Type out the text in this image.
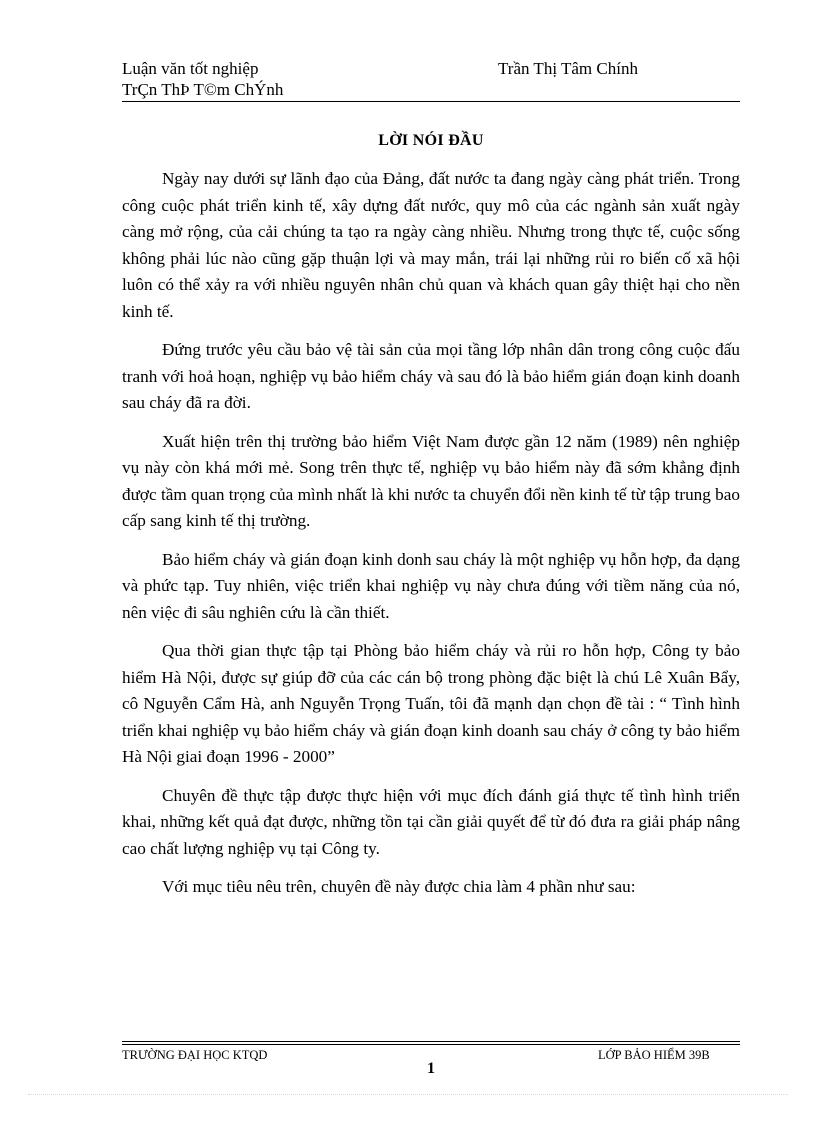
Luận văn tốt nghiệp	Trần Thị Tâm Chính
TrÇn ThÞ T©m ChÝnh
LỜI NÓI ĐẦU

Ngày nay dưới sự lãnh đạo của Đảng, đất nước ta đang ngày càng phát triển. Trong công cuộc phát triển kinh tế, xây dựng đất nước, quy mô của các ngành sản xuất ngày càng mở rộng, của cải chúng ta tạo ra ngày càng nhiều. Nhưng trong thực tế, cuộc sống không phải lúc nào cũng gặp thuận lợi và may mắn, trái lại những rủi ro biến cố xã hội luôn có thể xảy ra với nhiều nguyên nhân chủ quan và khách quan gây thiệt hại cho nền kinh tế.

Đứng trước yêu cầu bảo vệ tài sản của mọi tầng lớp nhân dân trong công cuộc đấu tranh với hoả hoạn, nghiệp vụ bảo hiểm cháy và sau đó là bảo hiểm gián đoạn kinh doanh sau cháy đã ra đời.

Xuất hiện trên thị trường bảo hiểm Việt Nam được gần 12 năm (1989) nên nghiệp vụ này còn khá mới mẻ. Song trên thực tế, nghiệp vụ bảo hiểm này đã sớm khẳng định được tầm quan trọng của mình nhất là khi nước ta chuyển đổi nền kinh tế từ tập trung bao cấp sang kinh tế thị trường.

Bảo hiểm cháy và gián đoạn kinh donh sau cháy là một nghiệp vụ hỗn hợp, đa dạng và phức tạp. Tuy nhiên, việc triển khai nghiệp vụ này chưa đúng với tiềm năng của nó, nên việc đi sâu nghiên cứu là cần thiết.

Qua thời gian thực tập tại Phòng bảo hiểm cháy và rủi ro hỗn hợp, Công ty bảo hiểm Hà Nội, được sự giúp đỡ của các cán bộ trong phòng đặc biệt là chú Lê Xuân Bẩy, cô Nguyễn Cẩm Hà, anh Nguyễn Trọng Tuấn, tôi đã mạnh dạn chọn đề tài : “ Tình hình triển khai nghiệp vụ bảo hiểm cháy và gián đoạn kinh doanh sau cháy ở công ty bảo hiểm Hà Nội giai đoạn 1996 - 2000”

Chuyên đề thực tập được thực hiện với mục đích đánh giá thực tế tình hình triển khai, những kết quả đạt được, những tồn tại cần giải quyết để từ đó đưa ra giải pháp nâng cao chất lượng nghiệp vụ tại Công ty.

Với mục tiêu nêu trên, chuyên đề này được chia làm 4 phần như sau:

TRƯỜNG ĐẠI HỌC KTQD	LỚP BẢO HIỂM 39B
1
